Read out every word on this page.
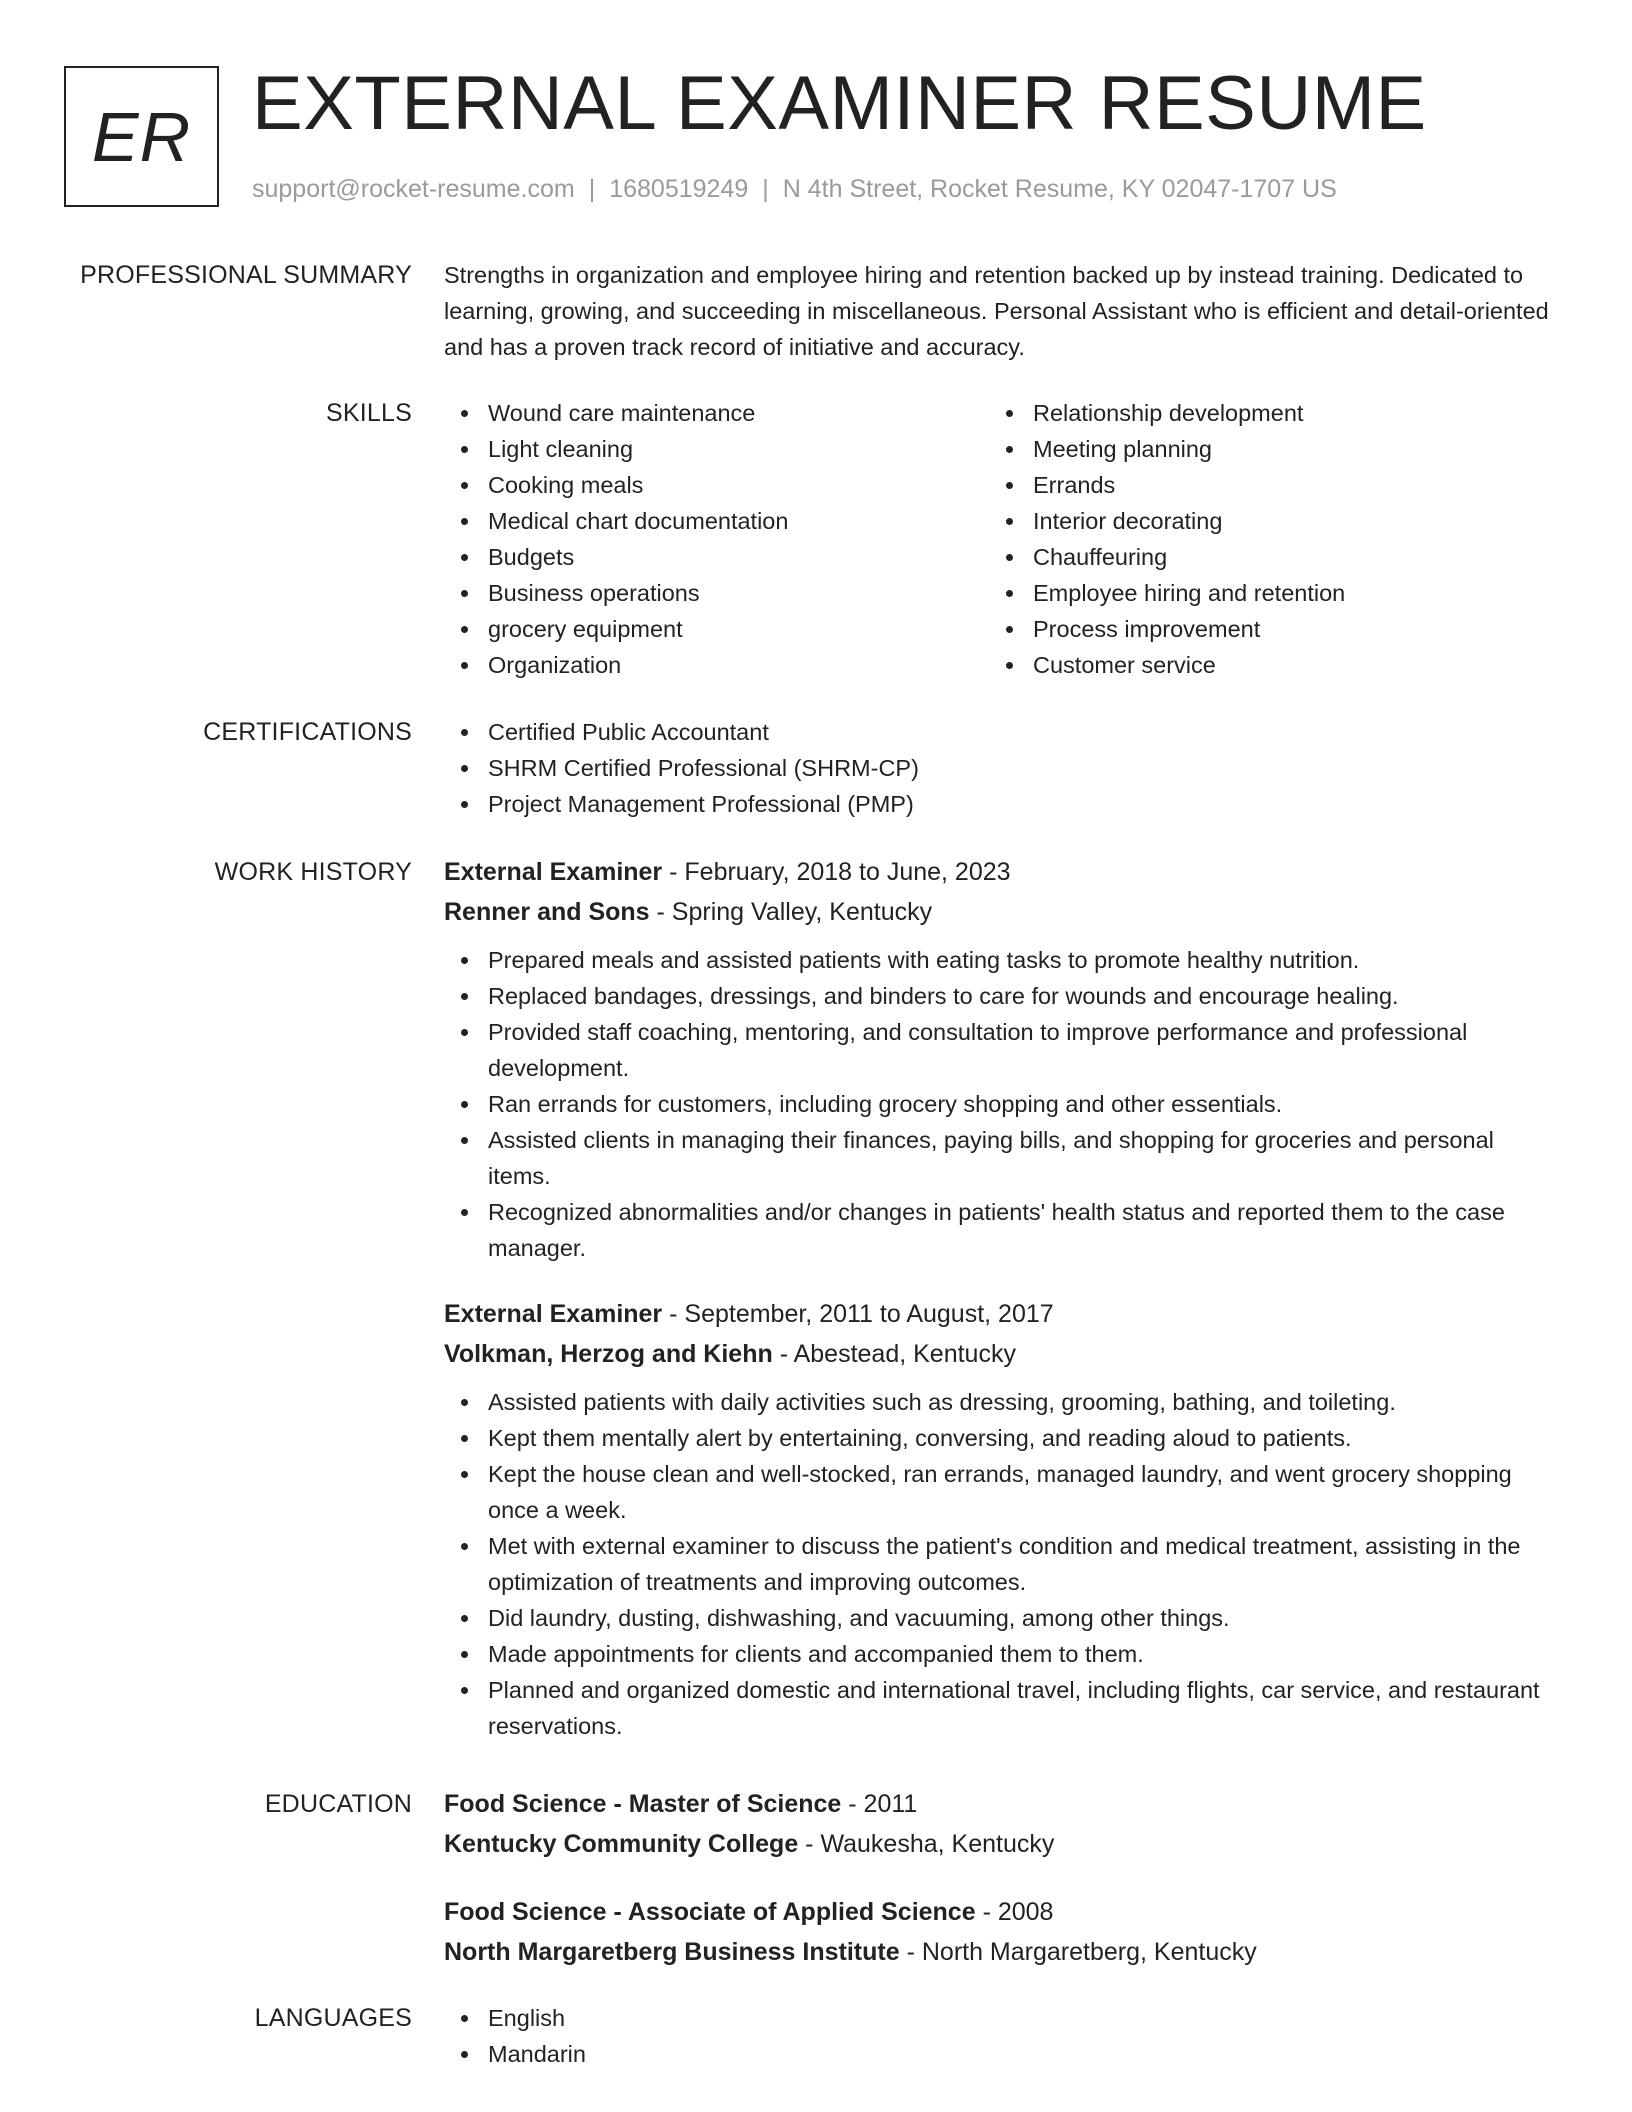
ER EXTERNAL EXAMINER RESUME
support@rocket-resume.com | 1680519249 | N 4th Street, Rocket Resume, KY 02047-1707 US
PROFESSIONAL SUMMARY Strengths in organization and employee hiring and retention backed up by instead training. Dedicated to learning, growing, and succeeding in miscellaneous. Personal Assistant who is efficient and detail-oriented and has a proven track record of initiative and accuracy.

SKILLS	Wound care maintenance
Light cleaning
Cooking meals
Medical chart documentation
Budgets
Business operations
grocery equipment
Organization
Relationship development
Meeting planning
Errands
Interior decorating
Chauffeuring
Employee hiring and retention
Process improvement
Customer service
CERTIFICATIONS	Certified Public Accountant
SHRM Certified Professional (SHRM-CP)
Project Management Professional (PMP)
WORK HISTORY External Examiner - February, 2018 to June, 2023
Renner and Sons - Spring Valley, Kentucky
Prepared meals and assisted patients with eating tasks to promote healthy nutrition.
Replaced bandages, dressings, and binders to care for wounds and encourage healing.
Provided staff coaching, mentoring, and consultation to improve performance and professional development.
Ran errands for customers, including grocery shopping and other essentials.
Assisted clients in managing their finances, paying bills, and shopping for groceries and personal items.
Recognized abnormalities and/or changes in patients' health status and reported them to the case manager.
External Examiner - September, 2011 to August, 2017
Volkman, Herzog and Kiehn - Abestead, Kentucky
Assisted patients with daily activities such as dressing, grooming, bathing, and toileting.
Kept them mentally alert by entertaining, conversing, and reading aloud to patients.
Kept the house clean and well-stocked, ran errands, managed laundry, and went grocery shopping once a week.
Met with external examiner to discuss the patient's condition and medical treatment, assisting in the optimization of treatments and improving outcomes.
Did laundry, dusting, dishwashing, and vacuuming, among other things.
Made appointments for clients and accompanied them to them.
Planned and organized domestic and international travel, including flights, car service, and restaurant reservations.
EDUCATION Food Science - Master of Science - 2011
Kentucky Community College - Waukesha, Kentucky
Food Science - Associate of Applied Science - 2008
North Margaretberg Business Institute - North Margaretberg, Kentucky
LANGUAGES	English
Mandarin
